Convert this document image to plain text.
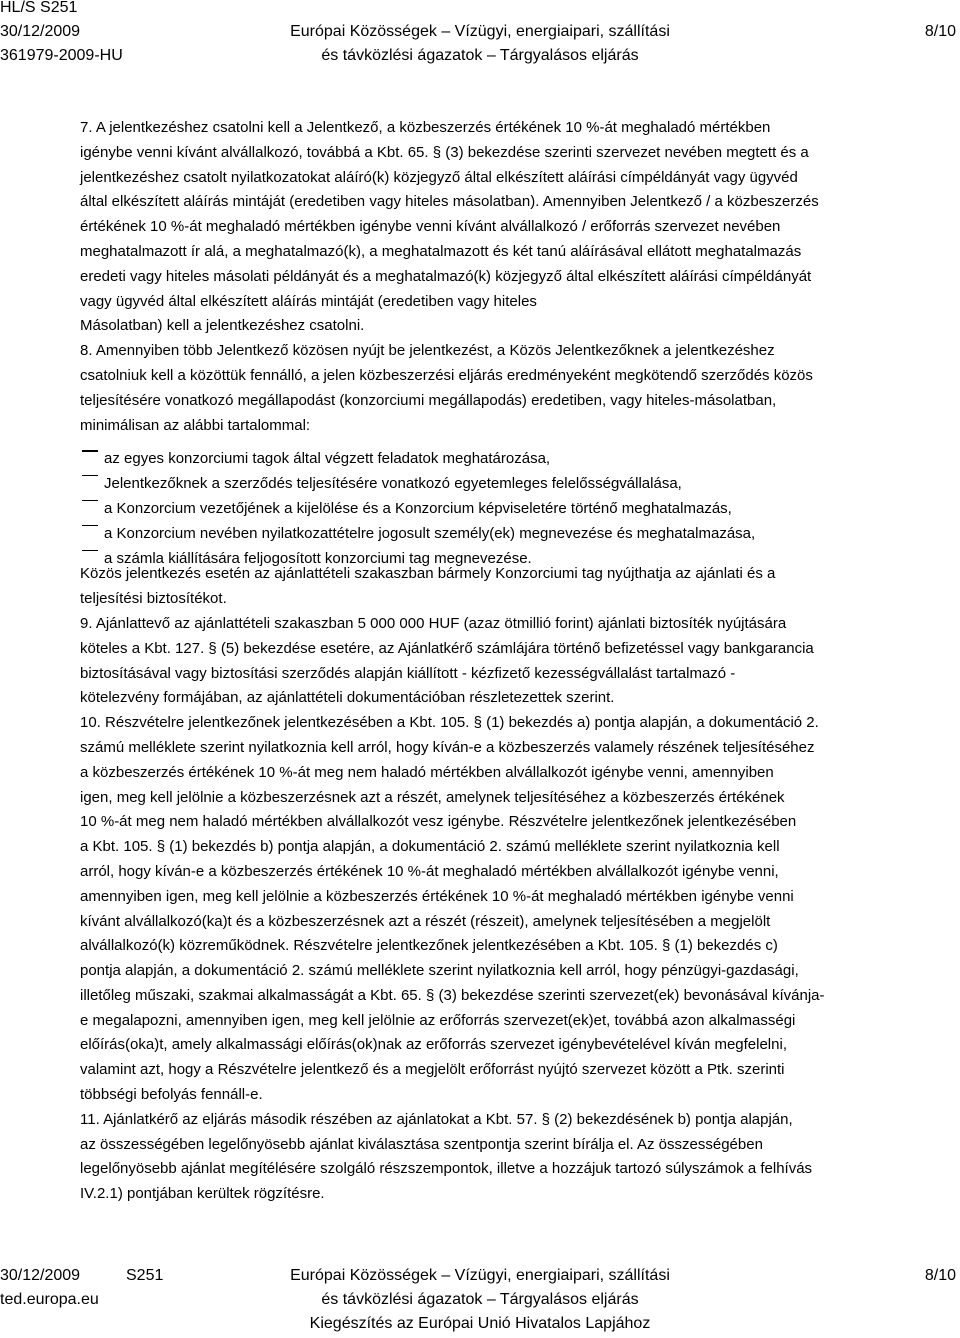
HL/S S251
30/12/2009
361979-2009-HU
Európai Közösségek – Vízügyi, energiaipari, szállítási
és távközlési ágazatok – Tárgyalásos eljárás
8/10
7. A jelentkezéshez csatolni kell a Jelentkező, a közbeszerzés értékének 10 %-át meghaladó mértékben
igénybe venni kívánt alvállalkozó, továbbá a Kbt. 65. § (3) bekezdése szerinti szervezet nevében megtett és a
jelentkezéshez csatolt nyilatkozatokat aláíró(k) közjegyző által elkészített aláírási címpéldányát vagy ügyvéd
által elkészített aláírás mintáját (eredetiben vagy hiteles másolatban). Amennyiben Jelentkező / a közbeszerzés
értékének 10 %-át meghaladó mértékben igénybe venni kívánt alvállalkozó / erőforrás szervezet nevében
meghatalmazott ír alá, a meghatalmazó(k), a meghatalmazott és két tanú aláírásával ellátott meghatalmazás
eredeti vagy hiteles másolati példányát és a meghatalmazó(k) közjegyző által elkészített aláírási címpéldányát
vagy ügyvéd által elkészített aláírás mintáját (eredetiben vagy hiteles
Másolatban) kell a jelentkezéshez csatolni.
8. Amennyiben több Jelentkező közösen nyújt be jelentkezést, a Közös Jelentkezőknek a jelentkezéshez
csatolniuk kell a közöttük fennálló, a jelen közbeszerzési eljárás eredményeként megkötendő szerződés közös
teljesítésére vonatkozó megállapodást (konzorciumi megállapodás) eredetiben, vagy hiteles-másolatban,
minimálisan az alábbi tartalommal:
az egyes konzorciumi tagok által végzett feladatok meghatározása,
Jelentkezőknek a szerződés teljesítésére vonatkozó egyetemleges felelősségvállalása,
a Konzorcium vezetőjének a kijelölése és a Konzorcium képviseletére történő meghatalmazás,
a Konzorcium nevében nyilatkozattételre jogosult személy(ek) megnevezése és meghatalmazása,
a számla kiállítására feljogosított konzorciumi tag megnevezése.
Közös jelentkezés esetén az ajánlattételi szakaszban bármely Konzorciumi tag nyújthatja az ajánlati és a
teljesítési biztosítékot.
9. Ajánlattevő az ajánlattételi szakaszban 5 000 000 HUF (azaz ötmillió forint) ajánlati biztosíték nyújtására
köteles a Kbt. 127. § (5) bekezdése esetére, az Ajánlatkérő számlájára történő befizetéssel vagy bankgarancia
biztosításával vagy biztosítási szerződés alapján kiállított - kézfizető kezességvállalást tartalmazó -
kötelezvény formájában, az ajánlattételi dokumentációban részletezettek szerint.
10. Részvételre jelentkezőnek jelentkezésében a Kbt. 105. § (1) bekezdés a) pontja alapján, a dokumentáció 2.
számú melléklete szerint nyilatkoznia kell arról, hogy kíván-e a közbeszerzés valamely részének teljesítéséhez
a közbeszerzés értékének 10 %-át meg nem haladó mértékben alvállalkozót igénybe venni, amennyiben
igen, meg kell jelölnie a közbeszerzésnek azt a részét, amelynek teljesítéséhez a közbeszerzés értékének
10 %-át meg nem haladó mértékben alvállalkozót vesz igénybe. Részvételre jelentkezőnek jelentkezésében
a Kbt. 105. § (1) bekezdés b) pontja alapján, a dokumentáció 2. számú melléklete szerint nyilatkoznia kell
arról, hogy kíván-e a közbeszerzés értékének 10 %-át meghaladó mértékben alvállalkozót igénybe venni,
amennyiben igen, meg kell jelölnie a közbeszerzés értékének 10 %-át meghaladó mértékben igénybe venni
kívánt alvállalkozó(ka)t és a közbeszerzésnek azt a részét (részeit), amelynek teljesítésében a megjelölt
alvállalkozó(k) közreműködnek. Részvételre jelentkezőnek jelentkezésében a Kbt. 105. § (1) bekezdés c)
pontja alapján, a dokumentáció 2. számú melléklete szerint nyilatkoznia kell arról, hogy pénzügyi-gazdasági,
illetőleg műszaki, szakmai alkalmasságát a Kbt. 65. § (3) bekezdése szerinti szervezet(ek) bevonásával kívánja-
e megalapozni, amennyiben igen, meg kell jelölnie az erőforrás szervezet(ek)et, továbbá azon alkalmasségi
előírás(oka)t, amely alkalmassági előírás(ok)nak az erőforrás szervezet igénybevételével kíván megfelelni,
valamint azt, hogy a Részvételre jelentkező és a megjelölt erőforrást nyújtó szervezet között a Ptk. szerinti
többségi befolyás fennáll-e.
11. Ajánlatkérő az eljárás második részében az ajánlatokat a Kbt. 57. § (2) bekezdésének b) pontja alapján,
az összességében legelőnyösebb ajánlat kiválasztása szentpontja szerint bírálja el. Az összességében
legelőnyösebb ajánlat megítélésére szolgáló részszempontok, illetve a hozzájuk tartozó súlyszámok a felhívás
IV.2.1) pontjában kerültek rögzítésre.
30/12/2009	S251
ted.europa.eu
Európai Közösségek – Vízügyi, energiaipari, szállítási
és távközlési ágazatok – Tárgyalásos eljárás
Kiegészítés az Európai Unió Hivatalos Lapjához
8/10
